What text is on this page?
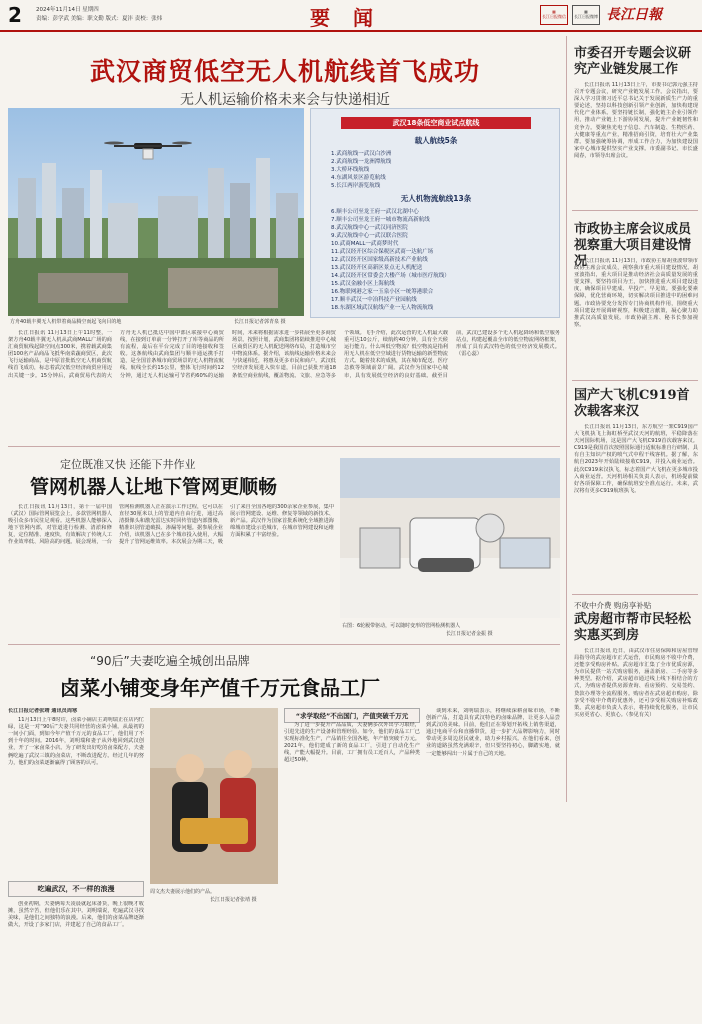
2	2024年11月14日 星期四
责编：彭学武 美编：职文勤 版式：夏沣 责校：张炜	要 闻	▦
长江日报微信
▦
长江日报微博 長江日報
武汉商贸低空无人机航线首飞成功
无人机运输价格未来会与快递相近
方舟40载丰翼无人机带着商品腾空而起飞向目的地	长江日报记者郭青泉 摄
武汉18条低空商业试点航线
载人航线5条
1.武商航线一武汉白沙洲
2.武商航线一龙洲潭航线
3.大桥环线航线
4.东湖风景区游览航线
5.长江两岸游览航线
无人机物流航线13条
6.顺丰公司至龙王府一武汉北湖中心
7.顺丰公司至龙王府一城市物流高新航线
8.武汉航线中心一武汉同济医院
9.武汉航线中心一武汉联合医院
10.武商MALL一武商梦时代
11.武汉经开区综合保税区武商一达航广场
12.武汉经开区国家级高新技术产业航线
13.武汉经开区高新区景点无人机配送
14.武汉经开区常委会大楼产场（城市医疗航线）
15.武汉金融小区上海航线
16.物联网港之家一玉泉小区一统筹港联合
17.顺丰武汉一中冶科技产业园航线
18.东湖区域武汉航线产业一无人物流航线

长江日报讯 11月13日上午11时整，一架方舟40载丰翼无人机从武商MALL广场的商汇商贸航线起降空间点300米，携着载武商集团100名产品商品飞抵华南菜蔬商贸区，此次飞行运输商品，是中原首批低空无人机商贸航线首飞成功，标志着武汉低空经济商贸应用迈出关键一步。15分钟后，武商贸易代表的大方舟无人机已抵达中国中部区联接中心商贸线，在接到订单前一分钟打开了库等商品的所有流程，最后在平台完成了目的地接收和签收。这条航线由武商集团与顺丰通运携手打造，是全国首条城市商贸场景的无人机物流航线。航线全长约15公里，整体飞行时间约12分钟，通过无人机运输可节省约60%的运输时间，未来将根据需求进一步拓展至更多商贸场景。按照计划，武商集团将陆续推进中心城区商贸区的无人机配送网络布局，打造城市空中物流体系。据介绍，该航线运输价格未来会与快递相近，将惠及更多市民和商户。武汉低空经济发展进入快车道，目前已获批开通18条低空商业航线，覆盖物流、文旅、应急等多个领域。飞手介绍，此次运营的无人机最大载重可达10公斤，续航约40分钟，具有全天候运行能力。什么叫低空物流？低空物流是指利用无人机在低空空域进行货物运输的新型物流方式。随着技术的成熟，其在城市配送、医疗急救等领域前景广阔。武汉作为国家中心城市，具有发展低空经济的良好基础。截至目前，武汉已建设多个无人机起降场和低空服务站点，构建起覆盖全市的低空物流网络框架，形成了具有武汉特色的低空经济发展模式。（雷心蕊）

市委召开专题会议研究产业链发展工作

长江日报讯 11月13日上午，市委书记郭元强主持召开专题会议，研究产业链发展工作。会议指出，要深入学习贯彻习近平总书记关于发展新质生产力的重要论述，坚持以科技创新引领产业创新，加快构建现代化产业体系。要坚持链长制，强化链主企业引领作用，推动产业链上下游协同发展，提升产业链韧性和竞争力。要聚焦光电子信息、汽车制造、生物医药、大健康等重点产业，精准招商引资，培育壮大产业集群。要加强统筹协调，形成工作合力，为加快建设国家中心城市提供坚实产业支撑。市委副书记、市长盛阅春，市领导出席会议。

市政协主席会议成员视察重大项目建设情况

长江日报讯 11月13日，市政协主席胡亚波带领市政协主席会议成员，视察我市重大项目建设情况。胡亚波指出，重大项目是推动经济社会高质量发展的重要支撑，要坚持项目为王，加快推进重大项目建设进度，确保项目早建成、早投产、早见效。要强化要素保障，优化营商环境，切实解决项目推进中的困难问题。市政协要充分发挥专门协商机构作用，围绕重大项目建设开展调研视察，积极建言献策，凝心聚力助推武汉高质量发展。市政协副主席、秘书长参加视察。

国产大飞机C919首次载客来汉

长江日报讯 11月13日，东方航空一架C919国产大飞机执飞上海虹桥至武汉天河的航班，平稳降落在天河国际机场，这是国产大飞机C919首次载客来汉。C919是我国首次按照国际通行适航标准自行研制、具有自主知识产权的喷气式中程干线客机。据了解，东航自2023年开始陆续接收C919，并投入商业运营。此次C919来汉执飞，标志着国产大飞机在更多城市投入商业运营。天河机场相关负责人表示，机场提前做好各项保障工作，确保航班安全准点运行。未来，武汉将有更多C919航班执飞。

不收中介费 购房享补贴
武房超市帮市民轻松实惠买到房

长江日报讯 近日，由武汉市住房保障和房屋管理局指导的武房超市正式运营，市民购房不收中介费，还能享受购房补贴。武房超市汇集了全市优质房源，为市民提供一站式购房服务，涵盖新房、二手房等多种类型。据介绍，武房超市通过线上线下相结合的方式，为购房者提供房源查询、看房预约、交易签约、贷款办理等全流程服务。购房者在武房超市购房，除享受不收中介费的优惠外，还可享受相关购房补贴政策。武房超市负责人表示，将持续优化服务，让市民买房更省心、更放心。（参见有关）

定位既准又快 还能下井作业
管网机器人让地下管网更顺畅

长江日报讯 11月13日，第十一届中国（武汉）国际管网展览会上，多款管网机器人吸引众多市民驻足观看。这些机器人能够深入地下管网内部，对管道进行检测、清淤和修复，定位精准、速度快，有效解决了传统人工作业效率低、风险高的问题。展会现场，一台管网检测机器人正在演示工作过程，它可以在直径30厘米以上的管道内自由行进，通过高清摄像头和激光雷达实时回传管道内部图像，精准识别管道破损、渗漏等问题。据参展企业介绍，该机器人已在多个城市投入使用，大幅提升了管网运维效率。本次展会为期三天，吸引了来自全国各地的300余家企业参展，集中展示管网建设、运维、修复等领域的新技术、新产品。武汉作为国家首批系统化全域推进海绵城市建设示范城市，在城市管网建设和运维方面积累了丰富经验。

右图：6轮履带驱动，可以随时变形的管网检测机器人
长江日报记者金振 摄
“90后”夫妻吃遍全城创出品牌
卤菜小铺变身年产值千万元食品工厂
长江日报记者张靖 通讯员周寒

11月13日上午8时许，卤菜小铺店主刘明瑞正在店内忙碌，这是一对“90后”夫妻共同经营的卤菜小铺。从最初的一间小门面，到如今年产值千万元的食品工厂，他们用了不到十年的时间。2016年，刘明瑞和妻子从外地回到武汉创业，开了一家卤菜小店。为了研发出好吃的卤菜配方，夫妻俩吃遍了武汉三镇的卤菜店，不断改进配方。经过几年的努力，他们的卤菜逐渐赢得了顾客的认可。

吃遍武汉，不一样的浪漫

创业初期，夫妻俩每天凌晨就起床备货，晚上很晚才收摊，虽然辛苦，但他们乐在其中。刘明瑞说，吃遍武汉寻找美味，是他们之间独特的浪漫。后来，他们的卤菜品牌逐渐做大，开设了多家门店，并建起了自己的食品工厂。

周文杰夫妻展示他们的产品。
长江日报记者张靖 摄
“求学取经”不出国门，产值突破千万元

为了进一步提升产品品质，夫妻俩多次外出学习取经，引进先进的生产设备和管理经验。如今，他们的食品工厂已实现标准化生产，产品销往全国各地，年产值突破千万元。2021年，他们建成了新的食品工厂，引进了自动化生产线，产能大幅提升。目前，工厂拥有员工近百人，产品种类超过50种。

谈到未来，刘明瑞表示，将继续深耕卤味市场，不断创新产品，打造具有武汉特色的卤味品牌，让更多人品尝到武汉的美味。目前，他们正在筹划开拓线上销售渠道，通过电商平台和直播带货，进一步扩大品牌影响力，同时带动更多周边居民就业，助力乡村振兴。在他们看来，创业的道路虽然充满艰辛，但只要坚持初心，脚踏实地，就一定能够闯出一片属于自己的天地。
